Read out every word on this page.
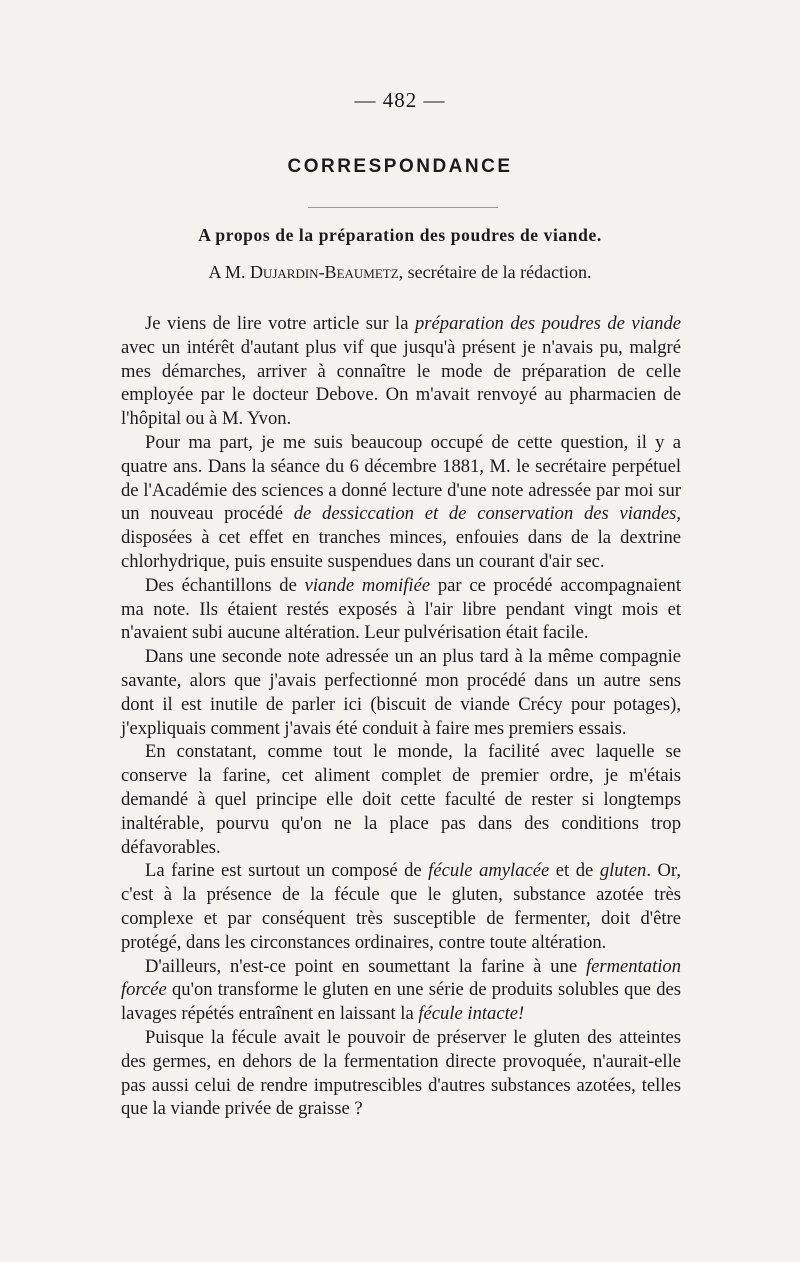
— 482 —
CORRESPONDANCE
A propos de la préparation des poudres de viande.
A M. Dujardin-Beaumetz, secrétaire de la rédaction.

Je viens de lire votre article sur la préparation des poudres de viande avec un intérêt d'autant plus vif que jusqu'à présent je n'avais pu, malgré mes démarches, arriver à connaître le mode de préparation de celle employée par le docteur Debove. On m'avait renvoyé au pharmacien de l'hôpital ou à M. Yvon.

Pour ma part, je me suis beaucoup occupé de cette question, il y a quatre ans. Dans la séance du 6 décembre 1881, M. le secrétaire perpétuel de l'Académie des sciences a donné lecture d'une note adressée par moi sur un nouveau procédé de dessiccation et de conservation des viandes, disposées à cet effet en tranches minces, enfouies dans de la dextrine chlorhydrique, puis ensuite suspendues dans un courant d'air sec.

Des échantillons de viande momifiée par ce procédé accompagnaient ma note. Ils étaient restés exposés à l'air libre pendant vingt mois et n'avaient subi aucune altération. Leur pulvérisation était facile.

Dans une seconde note adressée un an plus tard à la même compagnie savante, alors que j'avais perfectionné mon procédé dans un autre sens dont il est inutile de parler ici (biscuit de viande Crécy pour potages), j'expliquais comment j'avais été conduit à faire mes premiers essais.

En constatant, comme tout le monde, la facilité avec laquelle se conserve la farine, cet aliment complet de premier ordre, je m'étais demandé à quel principe elle doit cette faculté de rester si longtemps inaltérable, pourvu qu'on ne la place pas dans des conditions trop défavorables.

La farine est surtout un composé de fécule amylacée et de gluten. Or, c'est à la présence de la fécule que le gluten, substance azotée très complexe et par conséquent très susceptible de fermenter, doit d'être protégé, dans les circonstances ordinaires, contre toute altération.

D'ailleurs, n'est-ce point en soumettant la farine à une fermentation forcée qu'on transforme le gluten en une série de produits solubles que des lavages répétés entraînent en laissant la fécule intacte!

Puisque la fécule avait le pouvoir de préserver le gluten des atteintes des germes, en dehors de la fermentation directe provoquée, n'aurait-elle pas aussi celui de rendre imputrescibles d'autres substances azotées, telles que la viande privée de graisse ?
